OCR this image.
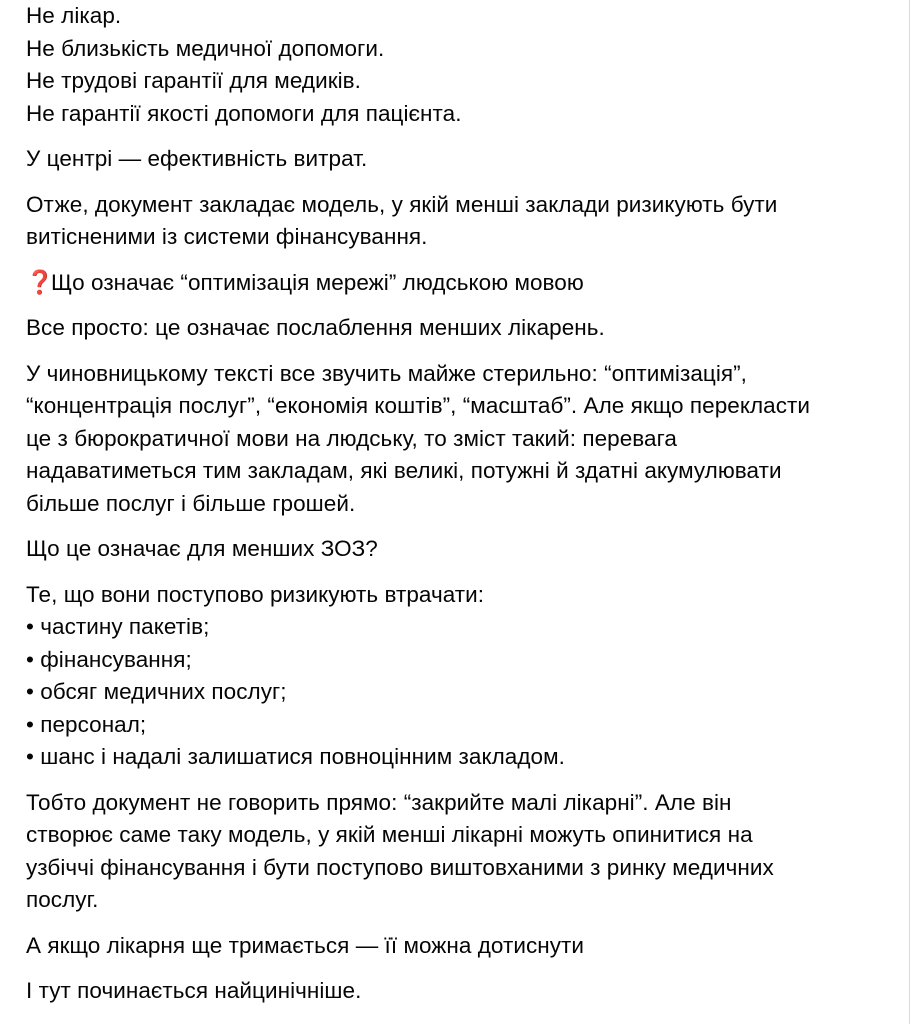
Не лікар.
Не близькість медичної допомоги.
Не трудові гарантії для медиків.
Не гарантії якості допомоги для пацієнта.

У центрі — ефективність витрат.

Отже, документ закладає модель, у якій менші заклади ризикують бути
витісненими із системи фінансування.

❓
Що означає “оптимізація мережі” людською мовою

Все просто: це означає послаблення менших лікарень.

У чиновницькому тексті все звучить майже стерильно: “оптимізація”,
“концентрація послуг”, “економія коштів”, “масштаб”. Але якщо перекласти
це з бюрократичної мови на людську, то зміст такий: перевага
надаватиметься тим закладам, які великі, потужні й здатні акумулювати
більше послуг і більше грошей.

Що це означає для менших ЗОЗ?

Те, що вони поступово ризикують втрачати:
• частину пакетів;
• фінансування;
• обсяг медичних послуг;
• персонал;
• шанс і надалі залишатися повноцінним закладом.

Тобто документ не говорить прямо: “закрийте малі лікарні”. Але він
створює саме таку модель, у якій менші лікарні можуть опинитися на
узбіччі фінансування і бути поступово виштовханими з ринку медичних
послуг.

А якщо лікарня ще тримається — її можна дотиснути

І тут починається найцинічніше.
